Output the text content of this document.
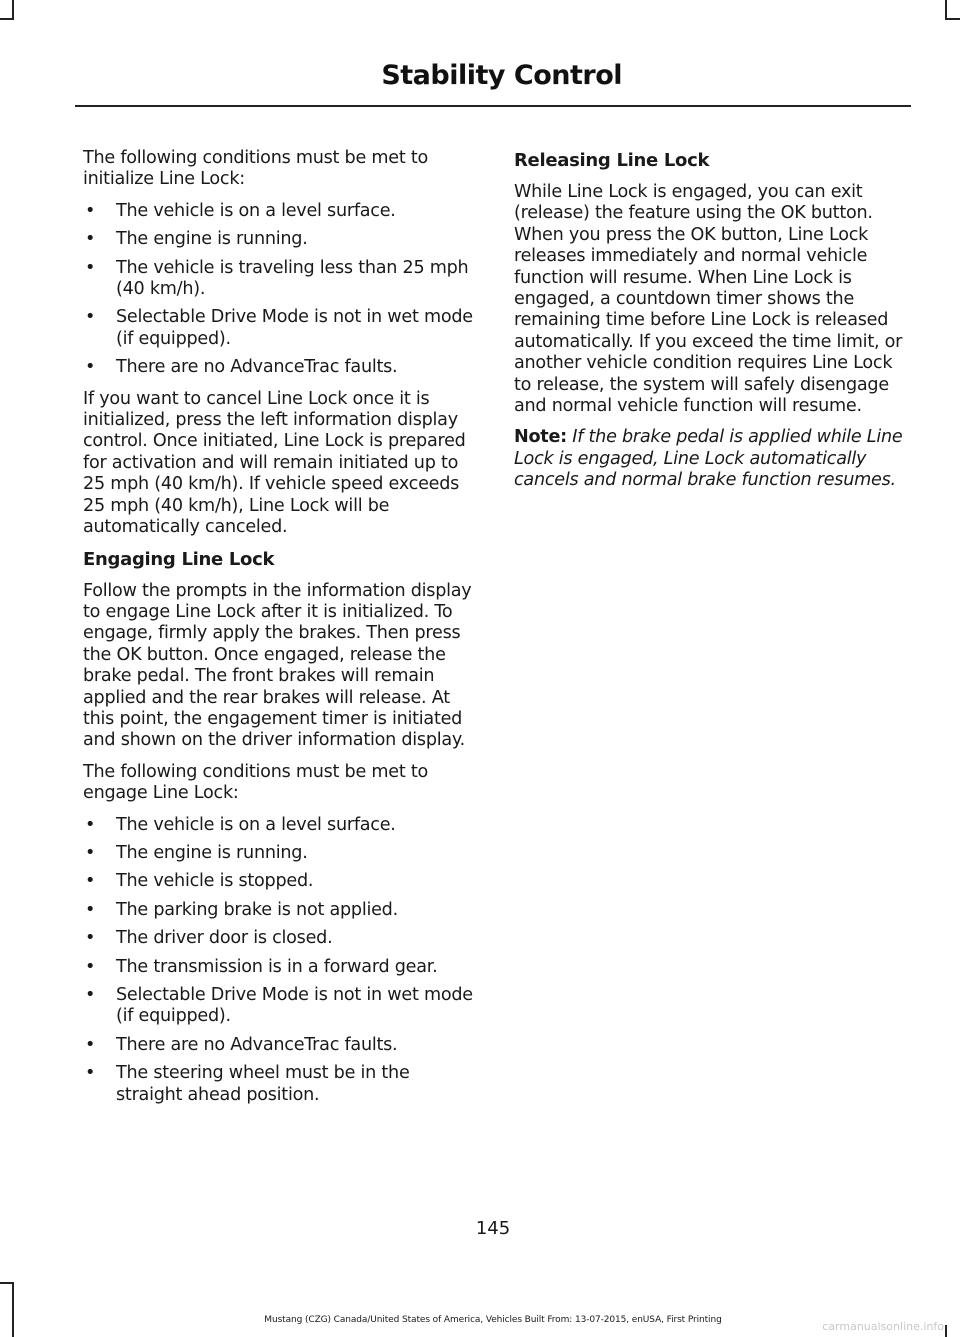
Stability Control

The following conditions must be met to initialize Line Lock:

• The vehicle is on a level surface.
• The engine is running.
• The vehicle is traveling less than 25 mph (40 km/h).
• Selectable Drive Mode is not in wet mode (if equipped).
• There are no AdvanceTrac faults.

If you want to cancel Line Lock once it is initialized, press the left information display control. Once initiated, Line Lock is prepared for activation and will remain initiated up to 25 mph (40 km/h). If vehicle speed exceeds 25 mph (40 km/h), Line Lock will be automatically canceled.

Engaging Line Lock

Follow the prompts in the information display to engage Line Lock after it is initialized. To engage, firmly apply the brakes. Then press the OK button. Once engaged, release the brake pedal. The front brakes will remain applied and the rear brakes will release. At this point, the engagement timer is initiated and shown on the driver information display.

The following conditions must be met to engage Line Lock:

• The vehicle is on a level surface.
• The engine is running.
• The vehicle is stopped.
• The parking brake is not applied.
• The driver door is closed.
• The transmission is in a forward gear.
• Selectable Drive Mode is not in wet mode (if equipped).
• There are no AdvanceTrac faults.
• The steering wheel must be in the straight ahead position.
Releasing Line Lock

While Line Lock is engaged, you can exit (release) the feature using the OK button. When you press the OK button, Line Lock releases immediately and normal vehicle function will resume. When Line Lock is engaged, a countdown timer shows the remaining time before Line Lock is released automatically. If you exceed the time limit, or another vehicle condition requires Line Lock to release, the system will safely disengage and normal vehicle function will resume.

Note: If the brake pedal is applied while Line Lock is engaged, Line Lock automatically cancels and normal brake function resumes.

145
Mustang (CZG) Canada/United States of America, Vehicles Built From: 13-07-2015, enUSA, First Printing	carmanualsonline.info
